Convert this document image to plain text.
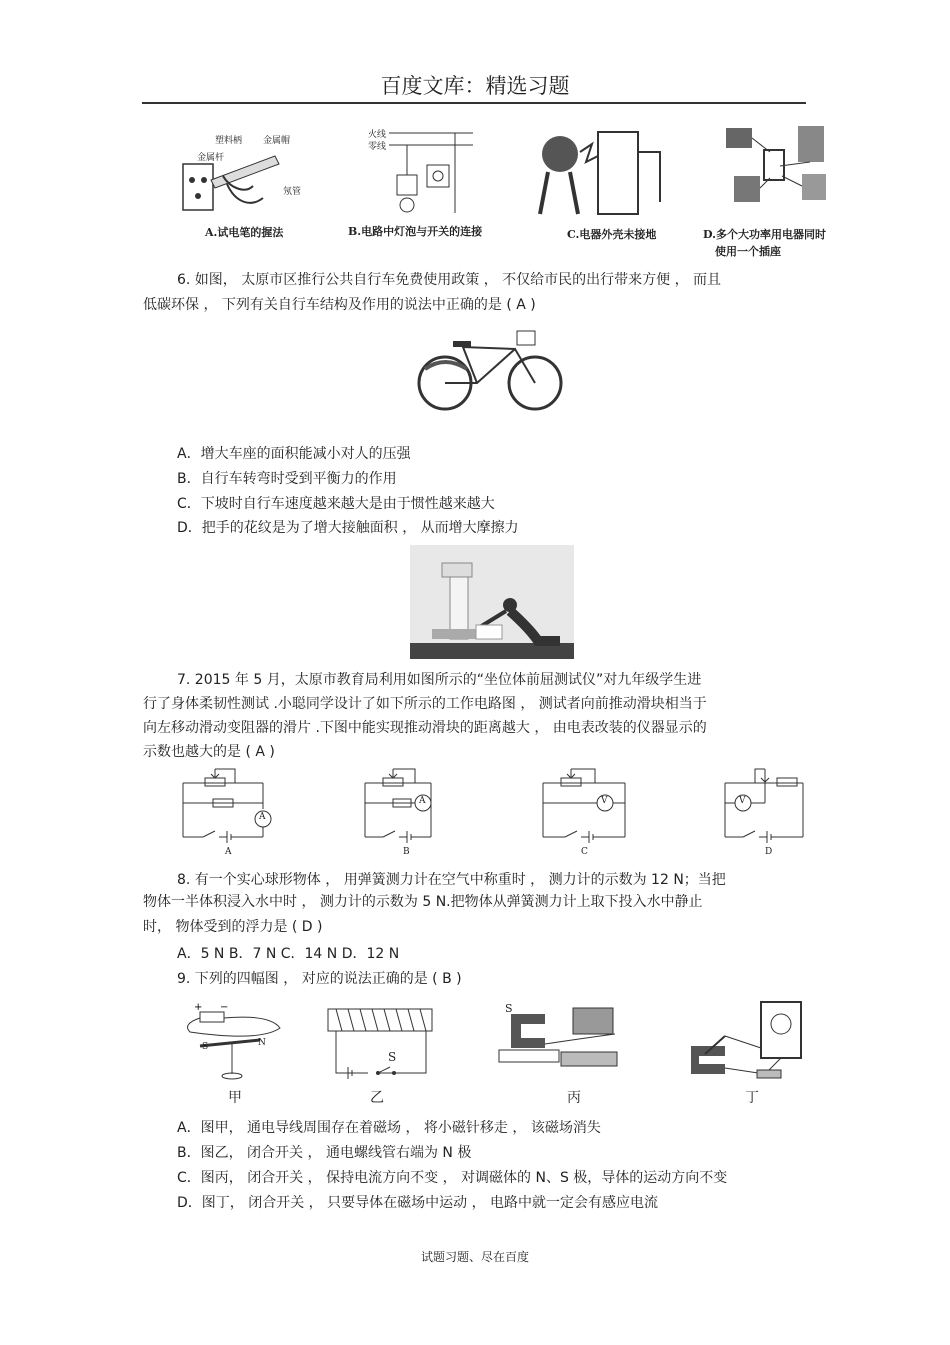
百度文库：精选习题
塑料柄 金属帽
金属杆
氖管
A.试电笔的握法
火线
零线
B.电路中灯泡与开关的连接	C.电器外壳未接地	D.多个大功率用电器同时
使用一个插座
6. 如图， 太原市区推行公共自行车免费使用政策 ， 不仅给市民的出行带来方便 ， 而且
低碳环保 ， 下列有关自行车结构及作用的说法中正确的是 ( A )
A．增大车座的面积能减小对人的压强
B．自行车转弯时受到平衡力的作用
C．下坡时自行车速度越来越大是由于惯性越来越大
D．把手的花纹是为了增大接触面积 ， 从而增大摩擦力
7. 2015 年 5 月，太原市教育局利用如图所示的“坐位体前屈测试仪”对九年级学生进
行了身体柔韧性测试 .小聪同学设计了如下所示的工作电路图 ， 测试者向前推动滑块相当于
向左移动滑动变阻器的滑片 .下图中能实现推动滑块的距离越大 ， 由电表改装的仪器显示的
示数也越大的是 ( A )
A
A
A
B
V
C
V
D
8. 有一个实心球形物体 ， 用弹簧测力计在空气中称重时 ， 测力计的示数为 12 N；当把
物体一半体积浸入水中时 ， 测力计的示数为 5 N.把物体从弹簧测力计上取下投入水中静止
时， 物体受到的浮力是 ( D )
A．5 N B．7 N C．14 N D．12 N
9. 下列的四幅图 ， 对应的说法正确的是 ( B )
+ −
S	N
甲
S
乙
S
丙	丁
A．图甲， 通电导线周围存在着磁场 ， 将小磁针移走 ， 该磁场消失
B．图乙， 闭合开关 ， 通电螺线管右端为 N 极
C．图丙， 闭合开关 ， 保持电流方向不变 ， 对调磁体的 N、S 极，导体的运动方向不变
D．图丁， 闭合开关 ， 只要导体在磁场中运动 ， 电路中就一定会有感应电流
试题习题、尽在百度
